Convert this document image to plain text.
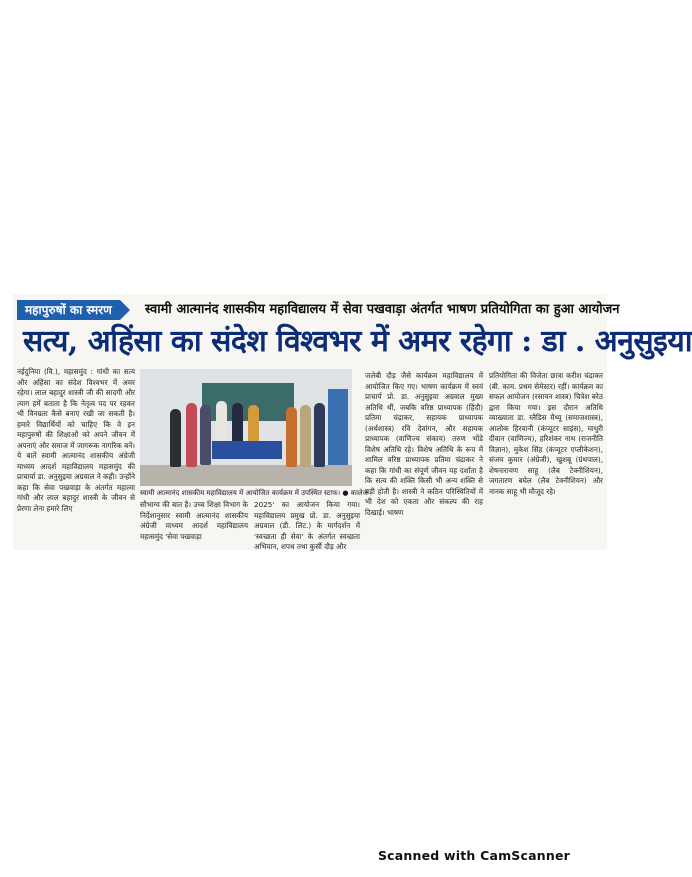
महापुरुषों का स्मरण	स्वामी आत्मानंद शासकीय महाविद्यालय में सेवा पखवाड़ा अंतर्गत भाषण प्रतियोगिता का हुआ आयोजन
सत्य, अहिंसा का संदेश विश्वभर में अमर रहेगा : डा . अनुसुइया
नईदुनिया (वि.), महासमुंद : गांधी का सत्य और अहिंसा का संदेश विश्वभर में अमर रहेगा। लाल बहादुर शास्त्री जी की सादगी और त्याग हमें बताता है कि नेतृत्व पद पर रहकर भी विनम्रता कैसे बनाए रखी जा सकती है। हमारे विद्यार्थियों को चाहिए कि वे इन महापुरुषों की शिक्षाओं को अपने जीवन में अपनाएं और समाज में जागरूक नागरिक बनें। ये बातें स्वामी आत्मानंद शासकीय अंग्रेजी माध्यम आदर्श महाविद्यालय महासमुंद की प्राचार्या डा. अनुसुइया अग्रवाल ने कही। उन्होंने कहा कि सेवा पखवाड़ा के अंतर्गत महात्मा गांधी और लाल बहादुर शास्त्री के जीवन से प्रेरणा लेना हमारे लिए
स्वामी आत्मानंद शासकीय महाविद्यालय में आयोजित कार्यक्रम में उपस्थित स्टाफ। ● कालेज
सौभाग्य की बात है। उच्च शिक्षा विभाग के निर्देशानुसार स्वामी आत्मानंद शासकीय अंग्रेजी माध्यम आदर्श महाविद्यालय महासमुंद 'सेवा पखवाड़ा
2025' का आयोजन किया गया। महाविद्यालय प्रमुख प्रो. डा. अनुसुइया अग्रवाल (डी. लिट.) के मार्गदर्शन में 'स्वच्छता ही सेवा' के अंतर्गत स्वच्छता अभियान, शपथ तथा कुर्सी दौड़ और
जलेबी दौड़ जैसे कार्यक्रम महाविद्यालय में आयोजित किए गए। भाषण कार्यक्रम में स्वयं प्राचार्य प्रो. डा. अनुसुइया अग्रवाल मुख्य अतिथि थीं, जबकि वरिष्ठ प्राध्यापक (हिंदी) प्रतिमा चंद्राकर, सहायक प्राध्यापक (अर्थशास्त्र) रवि देवांगन, और सहायक प्राध्यापक (वाणिज्य संकाय) तरुण भोंडे विशेष अतिथि रहे। विशेष अतिथि के रूप में शामिल वरिष्ठ प्राध्यापक प्रतिमा चंद्राकर ने कहा कि गांधी का संपूर्ण जीवन यह दर्शाता है कि सत्य की शक्ति किसी भी अन्य शक्ति से बड़ी होती है। शास्त्री ने कठिन परिस्थितियों में भी देश को एकता और संकल्प की राह दिखाई। भाषण
प्रतियोगिता की विजेता छात्रा करीश चंद्राकर (बी. काम. प्रथम सेमेस्टर) रहीं। कार्यक्रम का सफल आयोजन (रसायन शास्त्र) चित्रेश बरेठ द्वारा किया गया। इस दौरान अतिथि व्याख्याता डा. ग्लैडिस मैथ्यू (समाजशास्त्र), आलोक हिरवानी (कंप्यूटर साइंस), माधुरी दीवान (वाणिज्य), हरिशंकर नाथ (राजनीति विज्ञान), मुकेश सिंह (कंप्यूटर एप्लीकेशन), संजय कुमार (अंग्रेजी), खुशबू (ग्रंथपाल), शेषनारायण साहू (लैब टेक्नीशियन), जगतारण बघेल (लैब टेक्नीशियन) और नानक साहू भी मौजूद रहे।
Scanned with CamScanner
